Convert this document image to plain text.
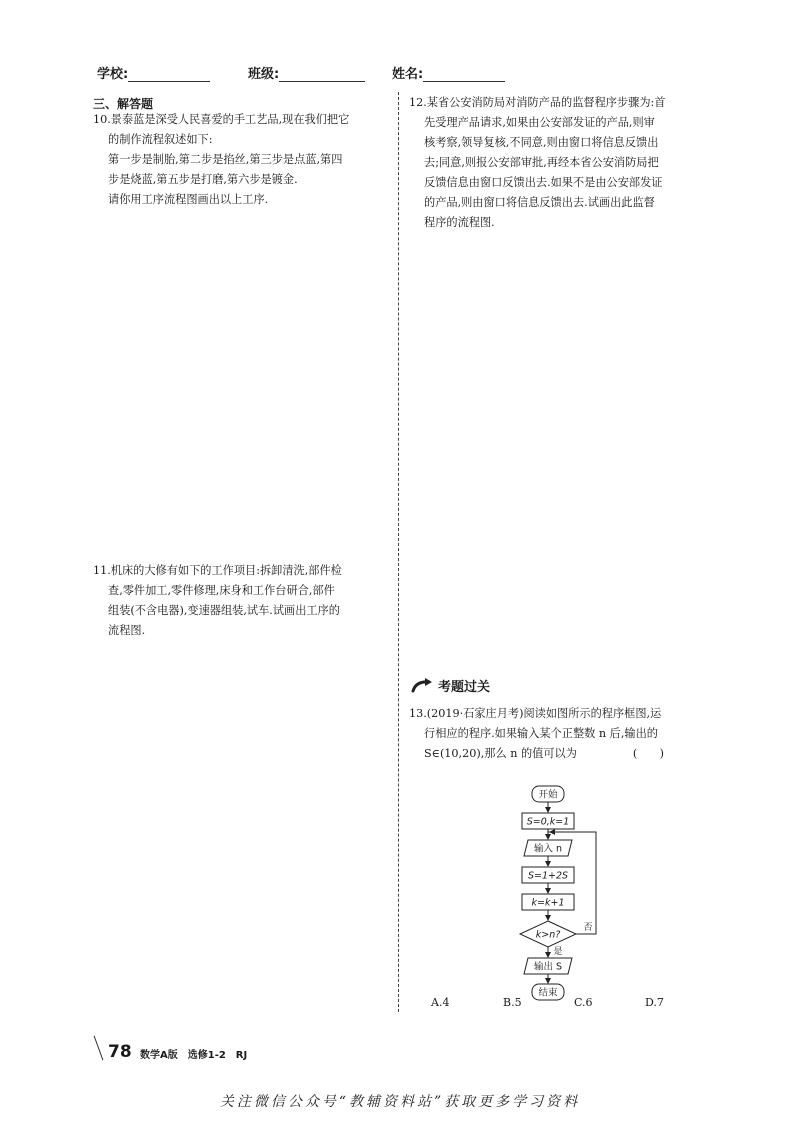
学校:	班级:	姓名:
三、解答题

10.景泰蓝是深受人民喜爱的手工艺品,现在我们把它

的制作流程叙述如下:

第一步是制胎,第二步是掐丝,第三步是点蓝,第四

步是烧蓝,第五步是打磨,第六步是镀金.

请你用工序流程图画出以上工序.

11.机床的大修有如下的工作项目:拆卸清洗,部件检

查,零件加工,零件修理,床身和工作台研合,部件

组装(不含电器),变速器组装,试车.试画出工序的

流程图.

12.某省公安消防局对消防产品的监督程序步骤为:首

先受理产品请求,如果由公安部发证的产品,则审

核考察,领导复核,不同意,则由窗口将信息反馈出

去;同意,则报公安部审批,再经本省公安消防局把

反馈信息由窗口反馈出去.如果不是由公安部发证

的产品,则由窗口将信息反馈出去.试画出此监督

程序的流程图.

考题过关

13.(2019·石家庄月考)阅读如图所示的程序框图,运

行相应的程序.如果输入某个正整数 n 后,输出的

S∈(10,20),那么 n 的值可以为　　　　　(　　)

开始
S=0,k=1
输入 n
S=1+2S
k=k+1
k>n?
是
否
输出 S
结束
A.4	B.5	C.6	D.7
78 数学A版　选修1-2　RJ
关注微信公众号“教辅资料站”获取更多学习资料
